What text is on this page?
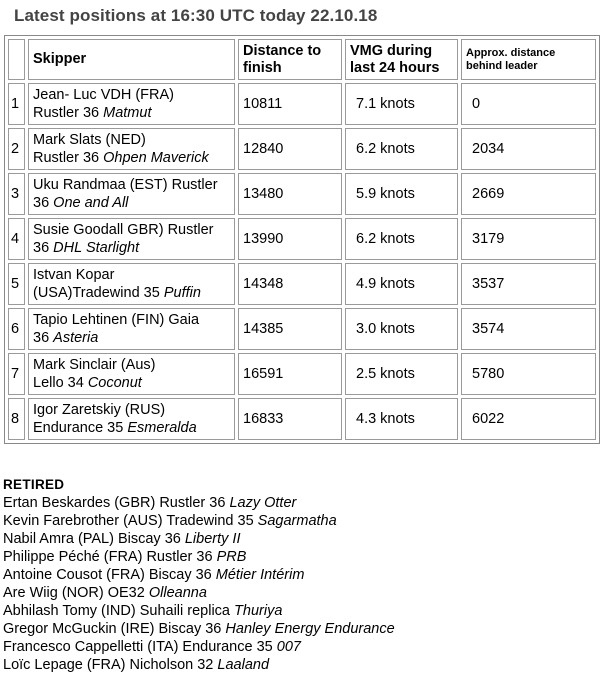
Latest positions at 16:30 UTC today 22.10.18
	Skipper	Distance to finish	VMG during last 24 hours	Approx. distance behind leader
1	Jean- Luc VDH (FRA)
Rustler 36 Matmut	10811	7.1 knots	0
2	Mark Slats (NED)
Rustler 36 Ohpen Maverick	12840	6.2 knots	2034
3	Uku Randmaa (EST) Rustler
36 One and All	13480	5.9 knots	2669
4	Susie Goodall GBR) Rustler
36 DHL Starlight	13990	6.2 knots	3179
5	Istvan Kopar
(USA)Tradewind 35 Puffin	14348	4.9 knots	3537
6	Tapio Lehtinen (FIN) Gaia
36 Asteria	14385	3.0 knots	3574
7	Mark Sinclair (Aus)
Lello 34 Coconut	16591	2.5 knots	5780
8	Igor Zaretskiy (RUS)
Endurance 35 Esmeralda	16833	4.3 knots	6022
RETIRED
Ertan Beskardes (GBR) Rustler 36 Lazy Otter
Kevin Farebrother (AUS) Tradewind 35 Sagarmatha
Nabil Amra (PAL) Biscay 36 Liberty II
Philippe Péché (FRA) Rustler 36 PRB
Antoine Cousot (FRA) Biscay 36 Métier Intérim
Are Wiig (NOR) OE32 Olleanna
Abhilash Tomy (IND) Suhaili replica Thuriya
Gregor McGuckin (IRE) Biscay 36 Hanley Energy Endurance
Francesco Cappelletti (ITA) Endurance 35 007
Loïc Lepage (FRA) Nicholson 32 Laaland
